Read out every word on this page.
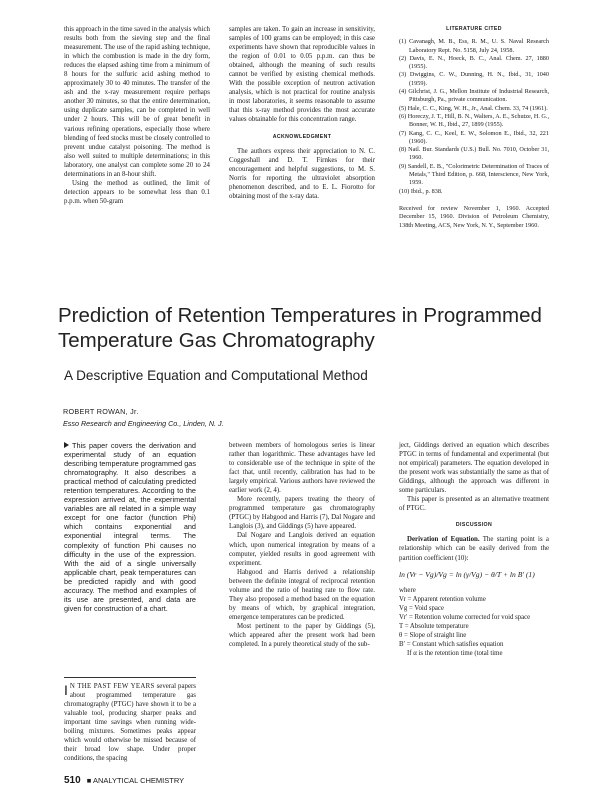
this approach in the time saved in the analysis which results both from the sieving step and the final measurement. The use of the rapid ashing technique, in which the combustion is made in the dry form, reduces the elapsed ashing time from a minimum of 8 hours for the sulfuric acid ashing method to approximately 30 to 40 minutes. The transfer of the ash and the x-ray measurement require perhaps another 30 minutes, so that the entire determination, using duplicate samples, can be completed in well under 2 hours. This will be of great benefit in various refining operations, especially those where blending of feed stocks must be closely controlled to prevent undue catalyst poisoning. The method is also well suited to multiple determinations; in this laboratory, one analyst can complete some 20 to 24 determinations in an 8-hour shift.

Using the method as outlined, the limit of detection appears to be somewhat less than 0.1 p.p.m. when 50-gram

samples are taken. To gain an increase in sensitivity, samples of 100 grams can be employed; in this case experiments have shown that reproducible values in the region of 0.01 to 0.05 p.p.m. can thus be obtained, although the meaning of such results cannot be verified by existing chemical methods. With the possible exception of neutron activation analysis, which is not practical for routine analysis in most laboratories, it seems reasonable to assume that this x-ray method provides the most accurate values obtainable for this concentration range.

ACKNOWLEDGMENT

The authors express their appreciation to N. C. Coggeshall and D. T. Firnkes for their encouragement and helpful suggestions, to M. S. Norris for reporting the ultraviolet absorption phenomenon described, and to E. L. Fiorotto for obtaining most of the x-ray data.

LITERATURE CITED

(1) Cavanagh, M. B., Ess, R. M., U. S. Naval Research Laboratory Rept. No. 5158, July 24, 1958.

(2) Davis, E. N., Hoeck, B. C., Anal. Chem. 27, 1880 (1955).

(3) Dwiggins, C. W., Dunning, H. N., Ibid., 31, 1040 (1959).

(4) Gilchrist, J. G., Mellon Institute of Industrial Research, Pittsburgh, Pa., private communication.

(5) Hale, C. C., King, W. H., Jr., Anal. Chem. 33, 74 (1961).

(6) Horeczy, J. T., Hill, B. N., Walters, A. E., Schutze, H. G., Bonner, W. H., Ibid., 27, 1899 (1955).

(7) Kang, C. C., Keel, E. W., Solomon E., Ibid., 32, 221 (1960).

(8) Natl. Bur. Standards (U.S.) Bull. No. 7010, October 31, 1960.

(9) Sandell, E. B., "Colorimetric Determination of Traces of Metals," Third Edition, p. 668, Interscience, New York, 1959.

(10) Ibid., p. 838.

Received for review November 1, 1960. Accepted December 15, 1960. Division of Petroleum Chemistry, 138th Meeting, ACS, New York, N. Y., September 1960.

Prediction of Retention Temperatures in Programmed Temperature Gas Chromatography
A Descriptive Equation and Computational Method

ROBERT ROWAN, Jr.

Esso Research and Engineering Co., Linden, N. J.

This paper covers the derivation and experimental study of an equation describing temperature programmed gas chromatography. It also describes a practical method of calculating predicted retention temperatures. According to the expression arrived at, the experimental variables are all related in a simple way except for one factor (function Phi) which contains exponential and exponential integral terms. The complexity of function Phi causes no difficulty in the use of the expression. With the aid of a single universally applicable chart, peak temperatures can be predicted rapidly and with good accuracy. The method and examples of its use are presented, and data are given for construction of a chart.

I N THE PAST FEW YEARS several papers about programmed temperature gas chromatography (PTGC) have shown it to be a valuable tool, producing sharper peaks and important time savings when running wide-boiling mixtures. Sometimes peaks appear which would otherwise be missed because of their broad low shape. Under proper conditions, the spacing

between members of homologous series is linear rather than logarithmic. These advantages have led to considerable use of the technique in spite of the fact that, until recently, calibration has had to be largely empirical. Various authors have reviewed the earlier work (2, 4).

More recently, papers treating the theory of programmed temperature gas chromatography (PTGC) by Habgood and Harris (7), Dal Nogare and Langlois (3), and Giddings (5) have appeared.

Dal Nogare and Langlois derived an equation which, upon numerical integration by means of a computer, yielded results in good agreement with experiment.

Habgood and Harris derived a relationship between the definite integral of reciprocal retention volume and the ratio of heating rate to flow rate. They also proposed a method based on the equation by means of which, by graphical integration, emergence temperatures can be predicted.

Most pertinent to the paper by Giddings (5), which appeared after the present work had been completed. In a purely theoretical study of the sub-

ject, Giddings derived an equation which describes PTGC in terms of fundamental and experimental (but not empirical) parameters. The equation developed in the present work was substantially the same as that of Giddings, although the approach was different in some particulars.

This paper is presented as an alternative treatment of PTGC.

DISCUSSION

Derivation of Equation. The starting point is a relationship which can be easily derived from the partition coefficient (10):

ln (Vr − Vg)/Vg = ln (γ/Vg) − θ/T + ln B′ (1)

where

Vr = Apparent retention volume
Vg = Void space
Vr′ = Retention volume corrected for void space
T = Absolute temperature
θ = Slope of straight line
B′ = Constant which satisfies equation
If α is the retention time (total time

510 ■ ANALYTICAL CHEMISTRY
